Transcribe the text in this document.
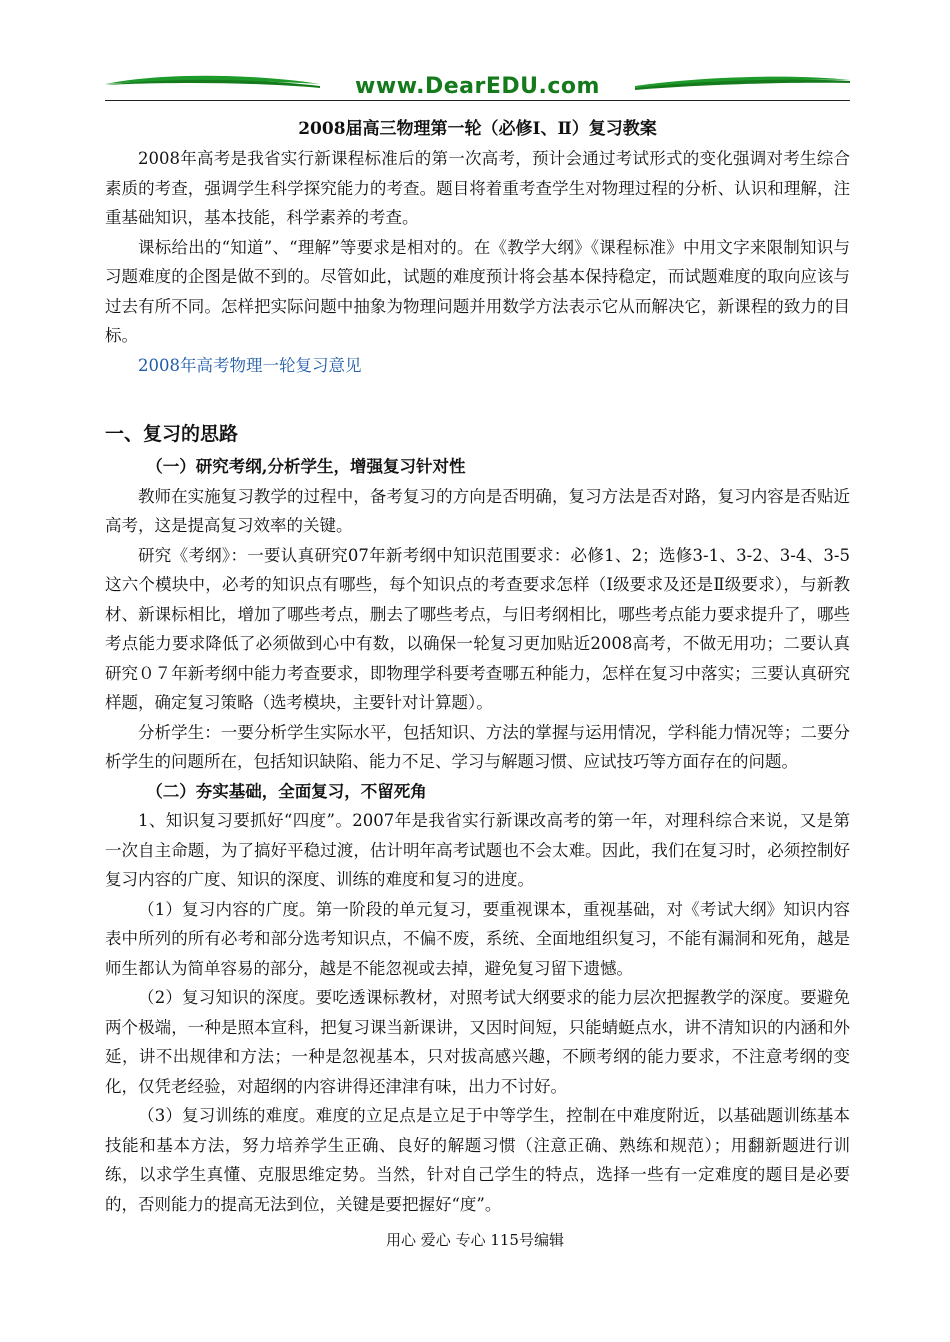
www.DearEDU.com
2008届高三物理第一轮（必修Ⅰ、Ⅱ）复习教案

2008年高考是我省实行新课程标准后的第一次高考，预计会通过考试形式的变化强调对考生综合素质的考查，强调学生科学探究能力的考查。题目将着重考查学生对物理过程的分析、认识和理解，注重基础知识，基本技能，科学素养的考查。

课标给出的“知道”、“理解”等要求是相对的。在《教学大纲》《课程标准》中用文字来限制知识与习题难度的企图是做不到的。尽管如此，试题的难度预计将会基本保持稳定，而试题难度的取向应该与过去有所不同。怎样把实际问题中抽象为物理问题并用数学方法表示它从而解决它，新课程的致力的目标。

2008年高考物理一轮复习意见

一、复习的思路
（一）研究考纲,分析学生，增强复习针对性

教师在实施复习教学的过程中，备考复习的方向是否明确，复习方法是否对路，复习内容是否贴近高考，这是提高复习效率的关键。

研究《考纲》：一要认真研究07年新考纲中知识范围要求：必修1、2；选修3-1、3-2、3-4、3-5这六个模块中，必考的知识点有哪些，每个知识点的考查要求怎样（Ⅰ级要求及还是Ⅱ级要求），与新教材、新课标相比，增加了哪些考点，删去了哪些考点，与旧考纲相比，哪些考点能力要求提升了，哪些考点能力要求降低了必须做到心中有数，以确保一轮复习更加贴近2008高考，不做无用功；二要认真研究０７年新考纲中能力考查要求，即物理学科要考查哪五种能力，怎样在复习中落实；三要认真研究样题，确定复习策略（选考模块，主要针对计算题）。

分析学生：一要分析学生实际水平，包括知识、方法的掌握与运用情况，学科能力情况等；二要分析学生的问题所在，包括知识缺陷、能力不足、学习与解题习惯、应试技巧等方面存在的问题。

（二）夯实基础，全面复习，不留死角

1、知识复习要抓好“四度”。2007年是我省实行新课改高考的第一年，对理科综合来说，又是第一次自主命题，为了搞好平稳过渡，估计明年高考试题也不会太难。因此，我们在复习时，必须控制好复习内容的广度、知识的深度、训练的难度和复习的进度。

（1）复习内容的广度。第一阶段的单元复习，要重视课本，重视基础，对《考试大纲》知识内容表中所列的所有必考和部分选考知识点，不偏不废，系统、全面地组织复习，不能有漏洞和死角，越是师生都认为简单容易的部分，越是不能忽视或去掉，避免复习留下遗憾。

（2）复习知识的深度。要吃透课标教材，对照考试大纲要求的能力层次把握教学的深度。要避免两个极端，一种是照本宣科，把复习课当新课讲，又因时间短，只能蜻蜓点水，讲不清知识的内涵和外延，讲不出规律和方法；一种是忽视基本，只对拔高感兴趣，不顾考纲的能力要求，不注意考纲的变化，仅凭老经验，对超纲的内容讲得还津津有味，出力不讨好。

（3）复习训练的难度。难度的立足点是立足于中等学生，控制在中难度附近，以基础题训练基本技能和基本方法，努力培养学生正确、良好的解题习惯（注意正确、熟练和规范）；用翻新题进行训练，以求学生真懂、克服思维定势。当然，针对自己学生的特点，选择一些有一定难度的题目是必要的，否则能力的提高无法到位，关键是要把握好“度”。

用心 爱心 专心 115号编辑
